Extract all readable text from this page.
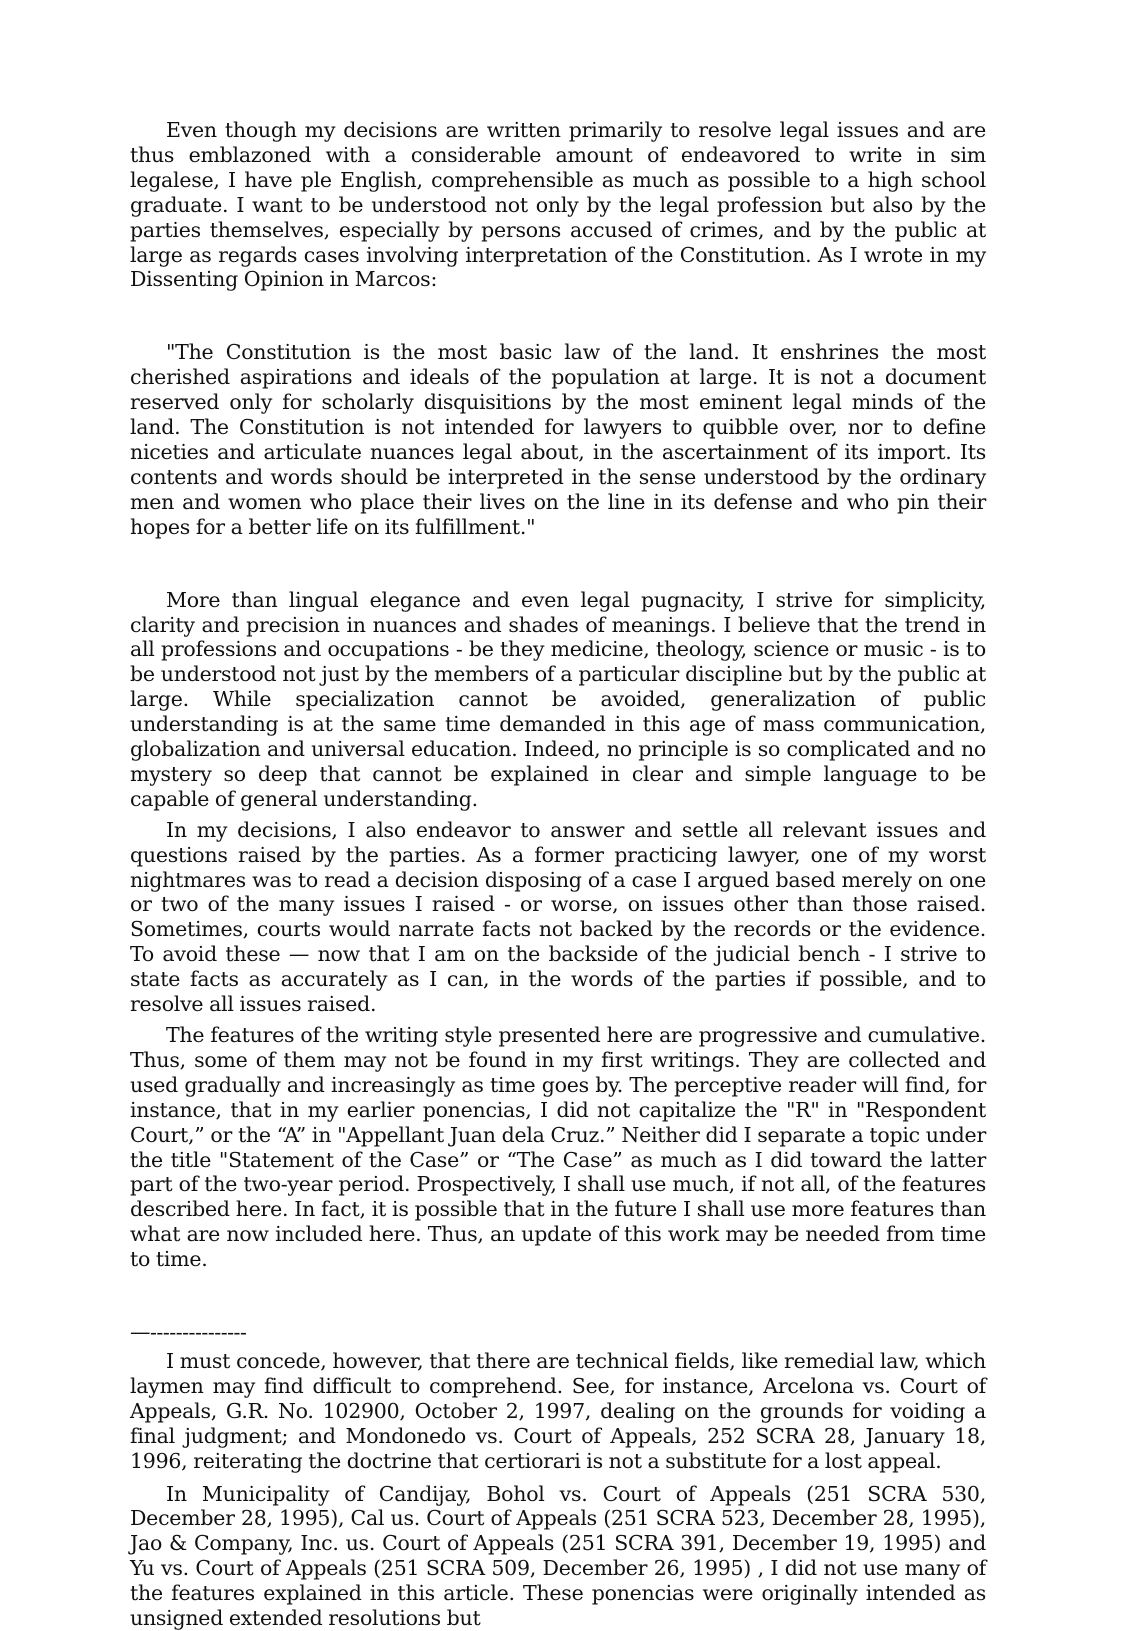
Even though my decisions are written primarily to resolve legal issues and are thus emblazoned with a considerable amount of endeavored to write in sim legalese, I have ple English, comprehensible as much as possible to a high school graduate. I want to be understood not only by the legal profession but also by the parties themselves, especially by persons accused of crimes, and by the public at large as regards cases involving interpretation of the Constitution. As I wrote in my Dissenting Opinion in Marcos:

"The Constitution is the most basic law of the land. It enshrines the most cherished aspirations and ideals of the population at large. It is not a document reserved only for scholarly disquisitions by the most eminent legal minds of the land. The Constitution is not intended for lawyers to quibble over, nor to define niceties and articulate nuances legal about, in the ascertainment of its import. Its contents and words should be interpreted in the sense understood by the ordinary men and women who place their lives on the line in its defense and who pin their hopes for a better life on its fulfillment."

More than lingual elegance and even legal pugnacity, I strive for simplicity, clarity and precision in nuances and shades of meanings. I believe that the trend in all professions and occupations - be they medicine, theology, science or music - is to be understood not just by the members of a particular discipline but by the public at large. While specialization cannot be avoided, generalization of public understanding is at the same time demanded in this age of mass communication, globalization and universal education. Indeed, no principle is so complicated and no mystery so deep that cannot be explained in clear and simple language to be capable of general understanding.

In my decisions, I also endeavor to answer and settle all relevant issues and questions raised by the parties. As a former practicing lawyer, one of my worst nightmares was to read a decision disposing of a case I argued based merely on one or two of the many issues I raised - or worse, on issues other than those raised. Sometimes, courts would narrate facts not backed by the records or the evidence. To avoid these — now that I am on the backside of the judicial bench - I strive to state facts as accurately as I can, in the words of the parties if possible, and to resolve all issues raised.

The features of the writing style presented here are progressive and cumulative. Thus, some of them may not be found in my first writings. They are collected and used gradually and increasingly as time goes by. The perceptive reader will find, for instance, that in my earlier ponencias, I did not capitalize the "R" in "Respondent Court,” or the “A” in "Appellant Juan dela Cruz.” Neither did I separate a topic under the title "Statement of the Case” or “The Case” as much as I did toward the latter part of the two-year period. Prospectively, I shall use much, if not all, of the features described here. In fact, it is possible that in the future I shall use more features than what are now included here. Thus, an update of this work may be needed from time to time.

—---------------

I must concede, however, that there are technical fields, like remedial law, which laymen may find difficult to comprehend. See, for instance, Arcelona vs. Court of Appeals, G.R. No. 102900, October 2, 1997, dealing on the grounds for voiding a final judgment; and Mondonedo vs. Court of Appeals, 252 SCRA 28, January 18, 1996, reiterating the doctrine that certiorari is not a substitute for a lost appeal.

In Municipality of Candijay, Bohol vs. Court of Appeals (251 SCRA 530, December 28, 1995), Cal us. Court of Appeals (251 SCRA 523, December 28, 1995), Jao & Company, Inc. us. Court of Appeals (251 SCRA 391, December 19, 1995) and Yu vs. Court of Appeals (251 SCRA 509, December 26, 1995) , I did not use many of the features explained in this article. These ponencias were originally intended as unsigned extended resolutions but
